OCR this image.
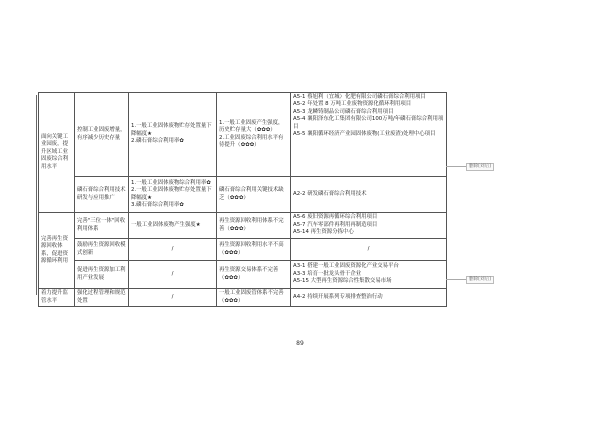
面向关键工业园废，提升区域工业固废综合利用水平	控制工业固废增量，有序减少历史存量	1.一般工业固体废物贮存处置量下降幅度★
2.磷石膏综合利用率✿	1.一般工业固废产生强度，历史贮存量大（✿✿✿）
2.工业固废综合利用水平有待提升（✿✿✿）	A5-1 蔡旭利（宜城）化肥有限公司磷石膏综合利用项目
A5-2 年处置 8 万吨工业废物资源化循环利用项目
A5-3 龙鳞铸制品公司磷石膏综合利用项目
A5-4 襄阳泽东化工集团有限公司100万吨/年磷石膏综合利用项目
A5-5 襄阳循环经济产业园固体废物(工业废渣)处理中心项目

	磷石膏综合利用技术研发与应用推广	1.一般工业固体废物综合利用率✿
2.一般工业固体废物贮存处置量下降幅度★
3.磷石膏综合利用率✿	磷石膏综合利用关键技术缺乏（✿✿✿）	A2-2 研发磷石膏综合利用技术
完善再生资源回收体系，促进资源循环利用	完善"三位一体"回收利用体系	一般工业固体废物产生强度★	再生资源回收利用体系不完善（✿✿✿）	A5-6 废旧资源再循环综合利用项目
A5-7 汽车零部件再利用再制造项目
A5-14 再生资源分拣中心

	鼓励再生资源回收模式创新	/	再生资源回收利用水平不高（✿✿✿）	/
	促进再生资源加工利用产业发展	/	再生资源交易体系不完善（✿✿✿）	A3-1 搭建一般工业固废资源化产业交易平台
A3-3 培育一批龙头骨干企业
A5-15 大型再生资源综合性集散交易市场

着力提升监管水平	强化过程管理和规范处置	/	一般工业固废管体系不完善（✿✿✿）	A4-2 持续开展系列专项排查整治行动
删除[刘后]
删除[刘后]
89
